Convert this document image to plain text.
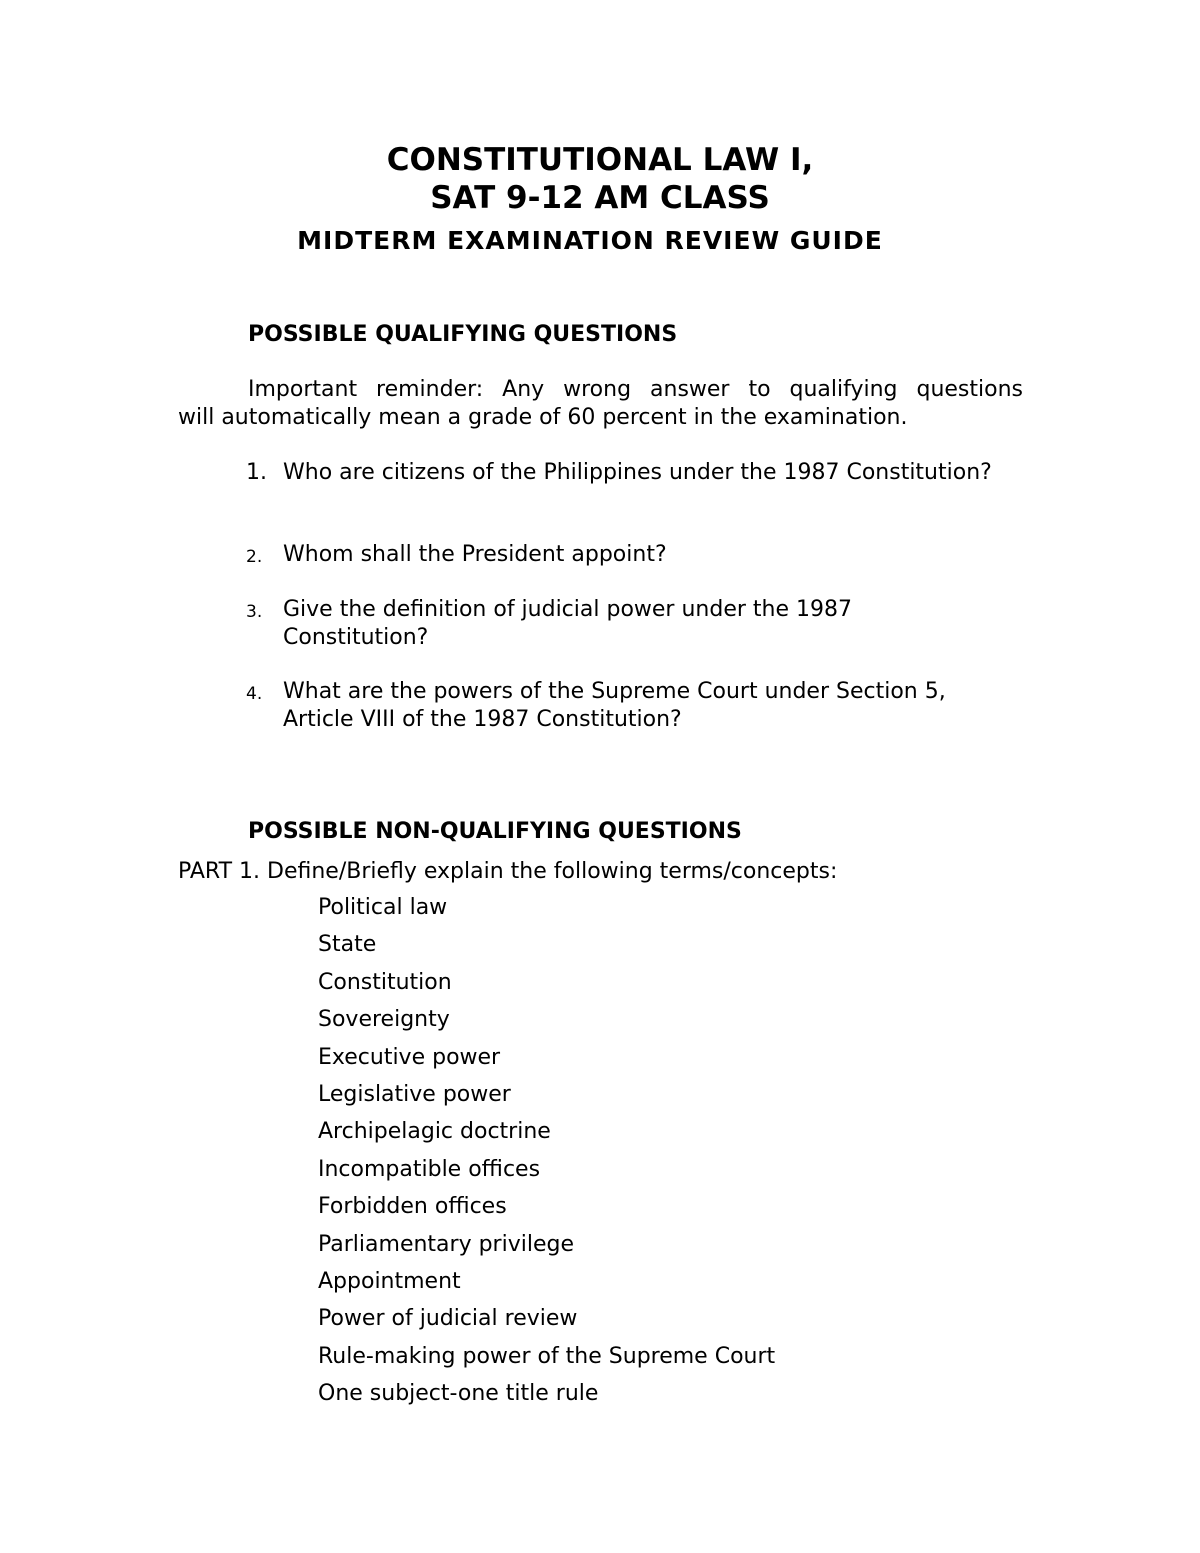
CONSTITUTIONAL LAW I,
SAT 9-12 AM CLASS
MIDTERM EXAMINATION REVIEW GUIDE
POSSIBLE QUALIFYING QUESTIONS
Important reminder: Any wrong answer to qualifying questions
will automatically mean a grade of 60 percent in the examination.
1. Who are citizens of the Philippines under the 1987 Constitution?
2. Whom shall the President appoint?
3. Give the definition of judicial power under the 1987 Constitution?
4. What are the powers of the Supreme Court under Section 5, Article VIII of the 1987 Constitution?
POSSIBLE NON-QUALIFYING QUESTIONS
PART 1. Define/Briefly explain the following terms/concepts:
Political law
State
Constitution
Sovereignty
Executive power
Legislative power
Archipelagic doctrine
Incompatible offices
Forbidden offices
Parliamentary privilege
Appointment
Power of judicial review
Rule-making power of the Supreme Court
One subject-one title rule
